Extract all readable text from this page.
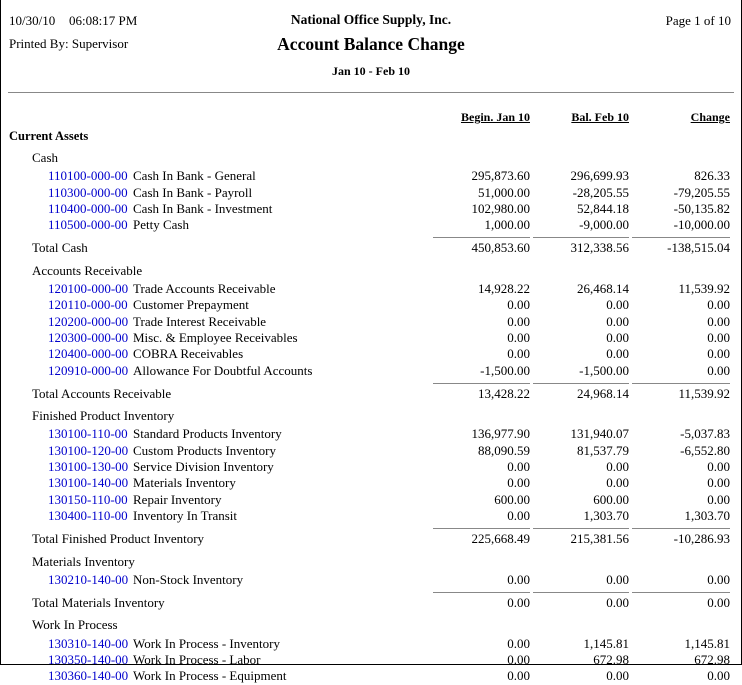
10/30/10 06:08:17 PM	National Office Supply, Inc.	Page 1 of 10
Printed By: Supervisor	Account Balance Change
Jan 10 - Feb 10
Begin. Jan 10	Bal. Feb 10	Change
Current Assets
Cash
110100-000-00 Cash In Bank - General	295,873.60	296,699.93	826.33
110300-000-00 Cash In Bank - Payroll	51,000.00	-28,205.55	-79,205.55
110400-000-00 Cash In Bank - Investment	102,980.00	52,844.18	-50,135.82
110500-000-00 Petty Cash	1,000.00	-9,000.00	-10,000.00
Total Cash	450,853.60	312,338.56	-138,515.04
Accounts Receivable
120100-000-00 Trade Accounts Receivable	14,928.22	26,468.14	11,539.92
120110-000-00 Customer Prepayment	0.00	0.00	0.00
120200-000-00 Trade Interest Receivable	0.00	0.00	0.00
120300-000-00 Misc. & Employee Receivables	0.00	0.00	0.00
120400-000-00 COBRA Receivables	0.00	0.00	0.00
120910-000-00 Allowance For Doubtful Accounts	-1,500.00	-1,500.00	0.00
Total Accounts Receivable	13,428.22	24,968.14	11,539.92
Finished Product Inventory
130100-110-00 Standard Products Inventory	136,977.90	131,940.07	-5,037.83
130100-120-00 Custom Products Inventory	88,090.59	81,537.79	-6,552.80
130100-130-00 Service Division Inventory	0.00	0.00	0.00
130100-140-00 Materials Inventory	0.00	0.00	0.00
130150-110-00 Repair Inventory	600.00	600.00	0.00
130400-110-00 Inventory In Transit	0.00	1,303.70	1,303.70
Total Finished Product Inventory	225,668.49	215,381.56	-10,286.93
Materials Inventory
130210-140-00 Non-Stock Inventory	0.00	0.00	0.00
Total Materials Inventory	0.00	0.00	0.00
Work In Process
130310-140-00 Work In Process - Inventory	0.00	1,145.81	1,145.81
130350-140-00 Work In Process - Labor	0.00	672.98	672.98
130360-140-00 Work In Process - Equipment	0.00	0.00	0.00
